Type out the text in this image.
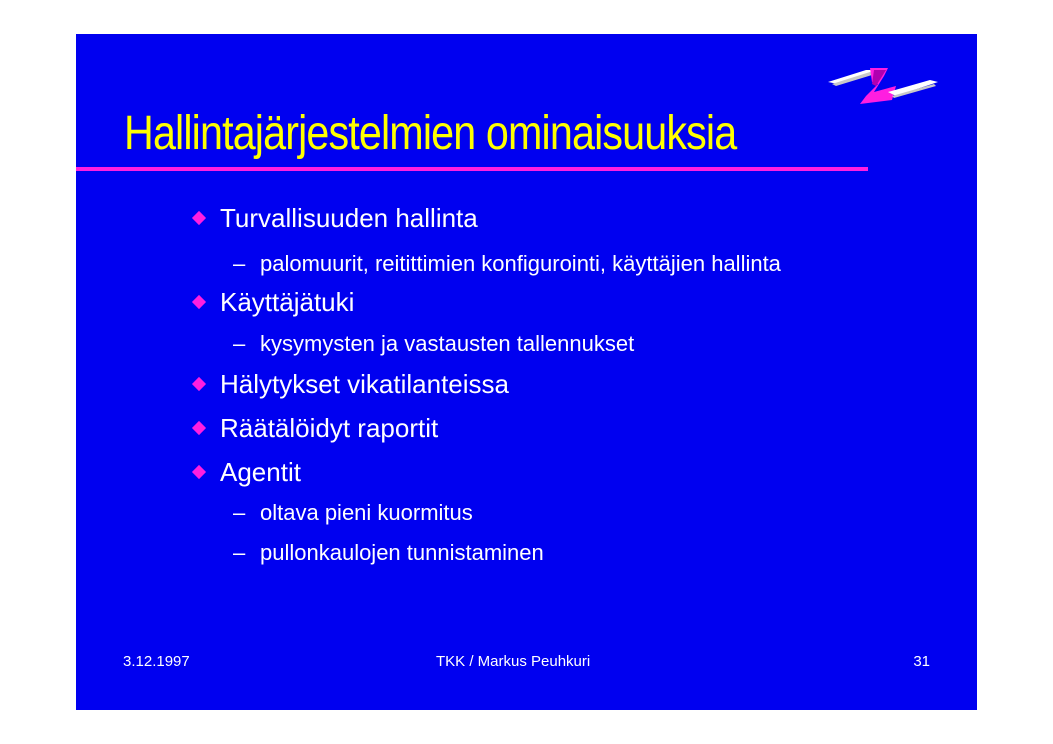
Hallintajärjestelmien ominaisuuksia
Turvallisuuden hallinta
– palomuurit, reitittimien konfigurointi, käyttäjien hallinta
Käyttäjätuki
– kysymysten ja vastausten tallennukset
Hälytykset vikatilanteissa
Räätälöidyt raportit
Agentit
– oltava pieni kuormitus
– pullonkaulojen tunnistaminen
3.12.1997	TKK / Markus Peuhkuri	31
